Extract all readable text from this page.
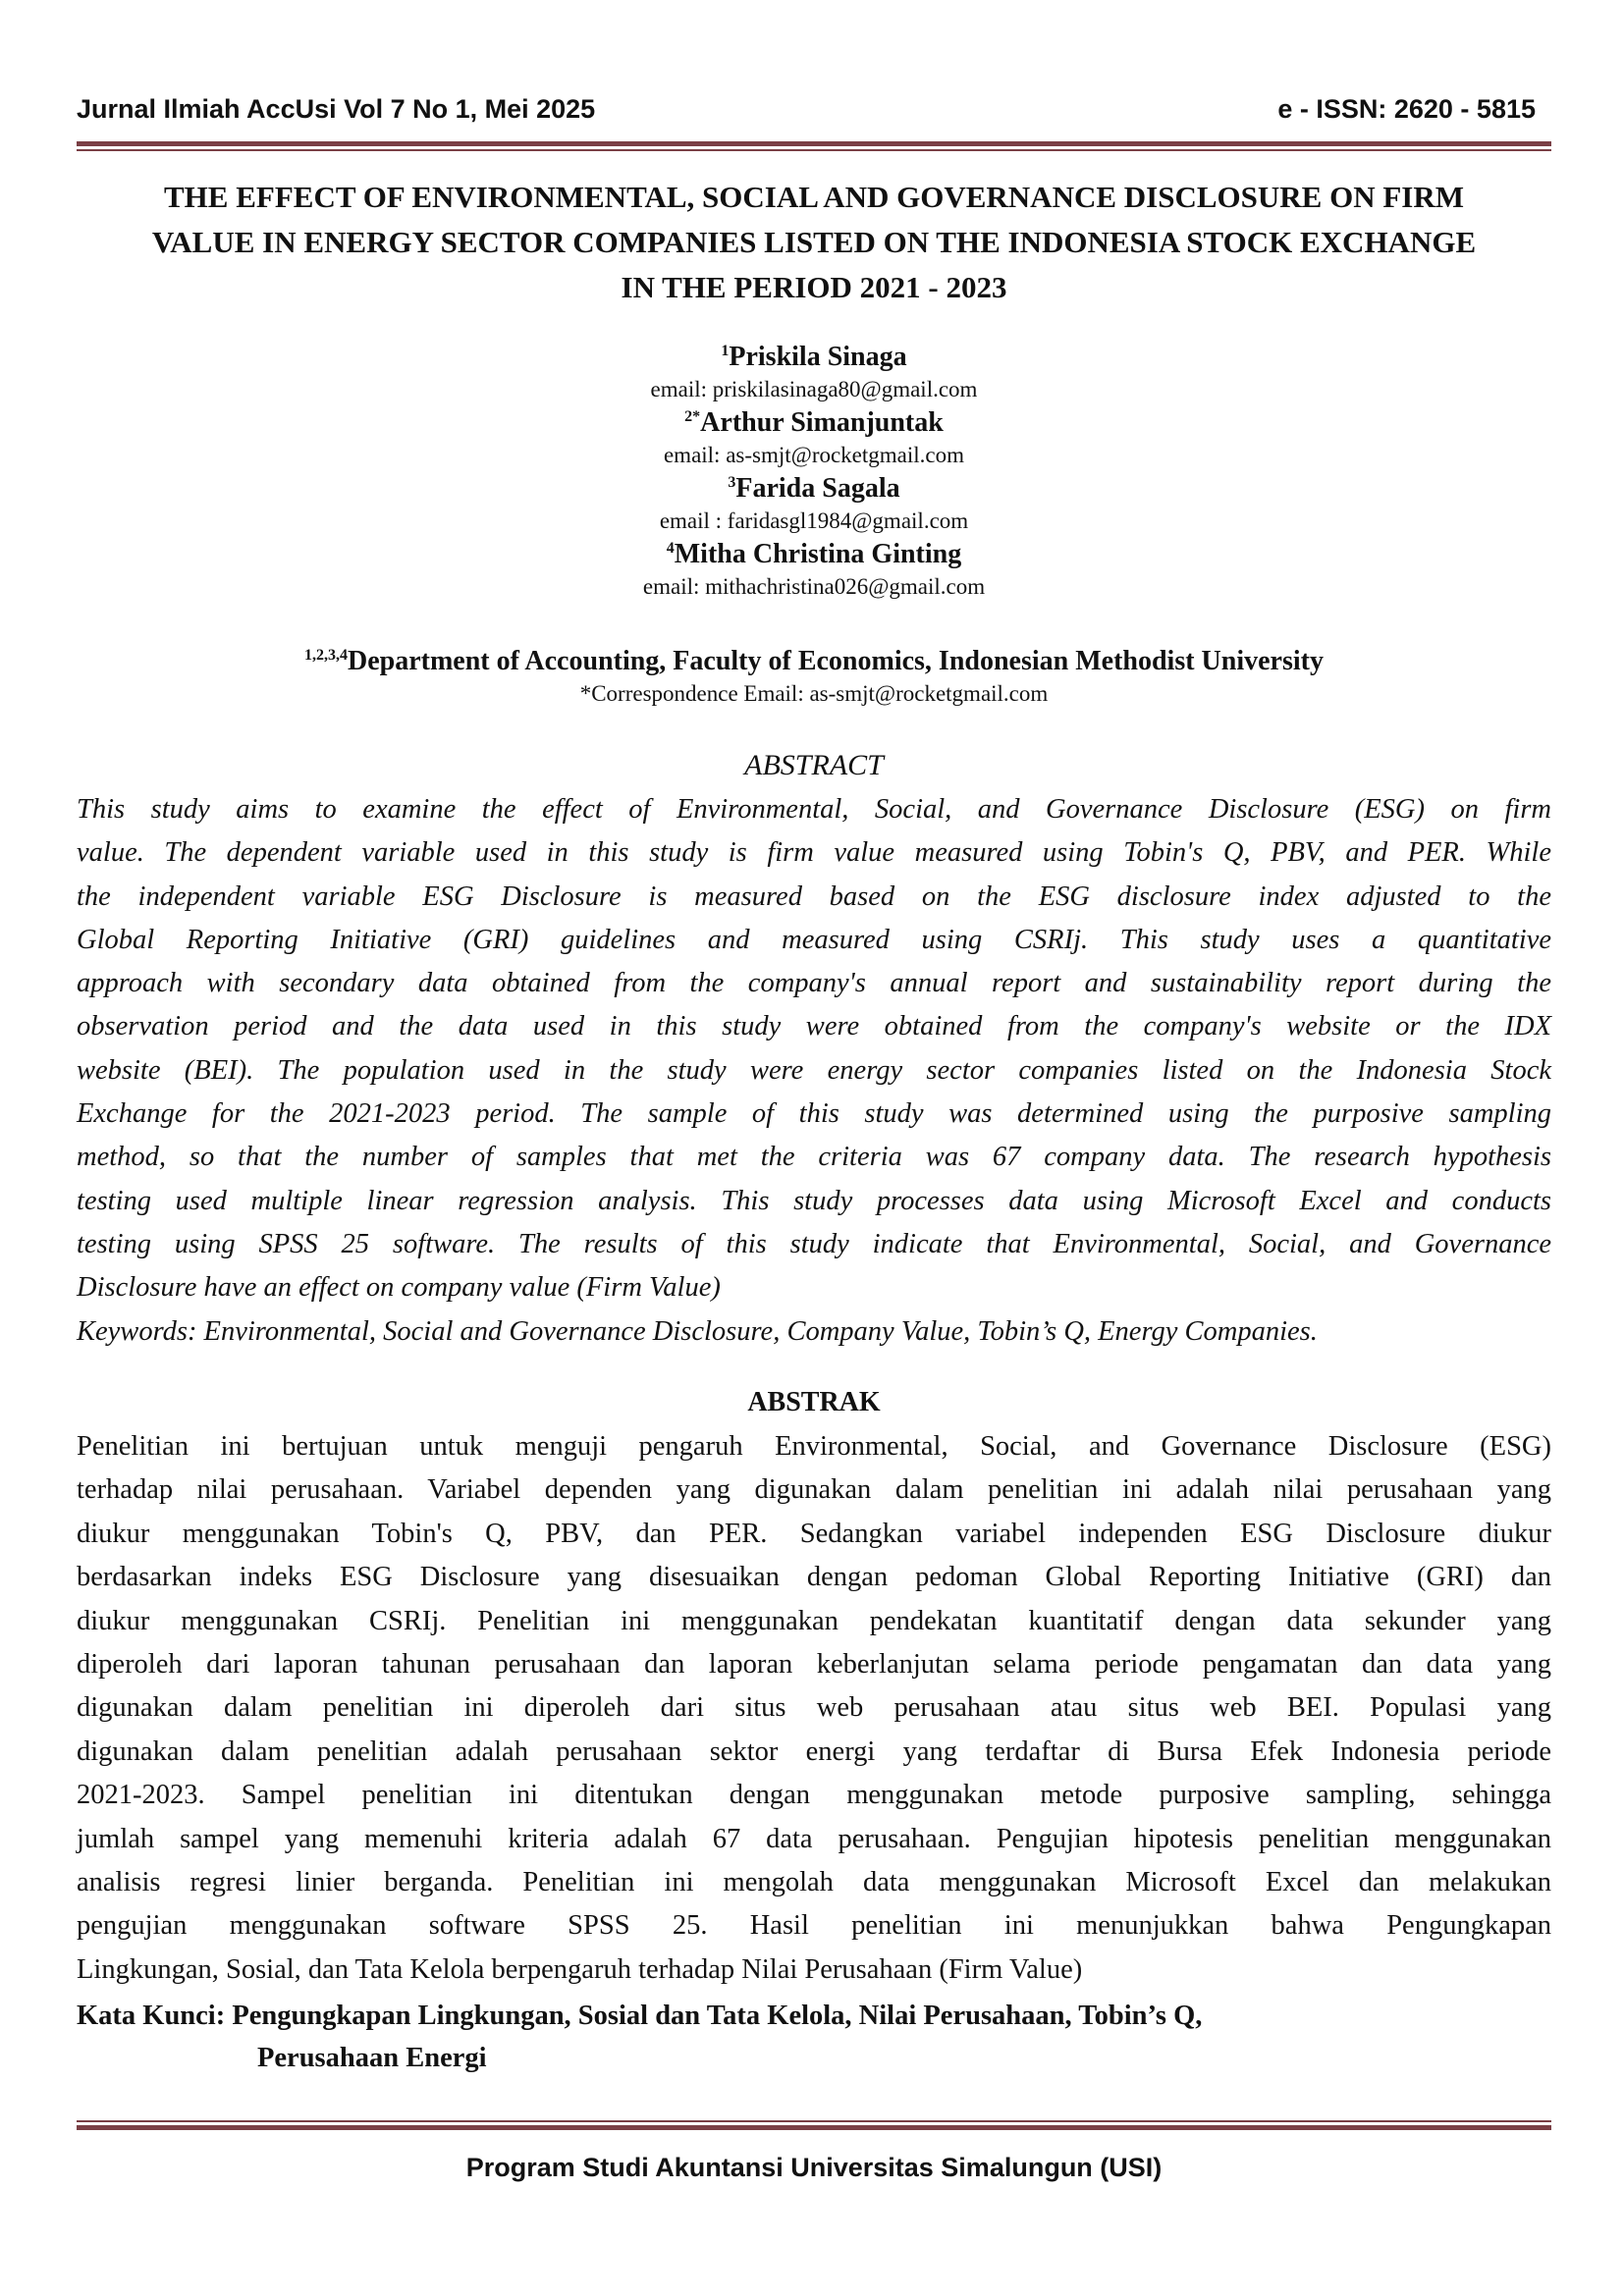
Jurnal Ilmiah AccUsi Vol 7 No 1, Mei 2025	e - ISSN: 2620 - 5815
THE EFFECT OF ENVIRONMENTAL, SOCIAL AND GOVERNANCE DISCLOSURE ON FIRM
VALUE IN ENERGY SECTOR COMPANIES LISTED ON THE INDONESIA STOCK EXCHANGE
IN THE PERIOD 2021 - 2023
$^1$Priskila Sinaga
email: priskilasinaga80@gmail.com
$^{2*}$Arthur Simanjuntak
email: as-smjt@rocketgmail.com
$^3$Farida Sagala
email : faridasgl1984@gmail.com
$^4$Mitha Christina Ginting
email: mithachristina026@gmail.com
$^{1,2,3,4}$Department of Accounting, Faculty of Economics, Indonesian Methodist University
*Correspondence Email: as-smjt@rocketgmail.com
ABSTRACT
This study aims to examine the effect of Environmental, Social, and Governance Disclosure (ESG) on firm
value. The dependent variable used in this study is firm value measured using Tobin's Q, PBV, and PER. While
the independent variable ESG Disclosure is measured based on the ESG disclosure index adjusted to the
Global Reporting Initiative (GRI) guidelines and measured using CSRIj. This study uses a quantitative
approach with secondary data obtained from the company's annual report and sustainability report during the
observation period and the data used in this study were obtained from the company's website or the IDX
website (BEI). The population used in the study were energy sector companies listed on the Indonesia Stock
Exchange for the 2021-2023 period. The sample of this study was determined using the purposive sampling
method, so that the number of samples that met the criteria was 67 company data. The research hypothesis
testing used multiple linear regression analysis. This study processes data using Microsoft Excel and conducts
testing using SPSS 25 software. The results of this study indicate that Environmental, Social, and Governance
Disclosure have an effect on company value (Firm Value)
Keywords: Environmental, Social and Governance Disclosure, Company Value, Tobin’s Q, Energy Companies.
ABSTRAK
Penelitian ini bertujuan untuk menguji pengaruh Environmental, Social, and Governance Disclosure (ESG)
terhadap nilai perusahaan. Variabel dependen yang digunakan dalam penelitian ini adalah nilai perusahaan yang
diukur menggunakan Tobin's Q, PBV, dan PER. Sedangkan variabel independen ESG Disclosure diukur
berdasarkan indeks ESG Disclosure yang disesuaikan dengan pedoman Global Reporting Initiative (GRI) dan
diukur menggunakan CSRIj. Penelitian ini menggunakan pendekatan kuantitatif dengan data sekunder yang
diperoleh dari laporan tahunan perusahaan dan laporan keberlanjutan selama periode pengamatan dan data yang
digunakan dalam penelitian ini diperoleh dari situs web perusahaan atau situs web BEI. Populasi yang
digunakan dalam penelitian adalah perusahaan sektor energi yang terdaftar di Bursa Efek Indonesia periode
2021-2023. Sampel penelitian ini ditentukan dengan menggunakan metode purposive sampling, sehingga
jumlah sampel yang memenuhi kriteria adalah 67 data perusahaan. Pengujian hipotesis penelitian menggunakan
analisis regresi linier berganda. Penelitian ini mengolah data menggunakan Microsoft Excel dan melakukan
pengujian menggunakan software SPSS 25. Hasil penelitian ini menunjukkan bahwa Pengungkapan
Lingkungan, Sosial, dan Tata Kelola berpengaruh terhadap Nilai Perusahaan (Firm Value)
Kata Kunci: Pengungkapan Lingkungan, Sosial dan Tata Kelola, Nilai Perusahaan, Tobin’s Q,
Perusahaan Energi
Program Studi Akuntansi Universitas Simalungun (USI)
